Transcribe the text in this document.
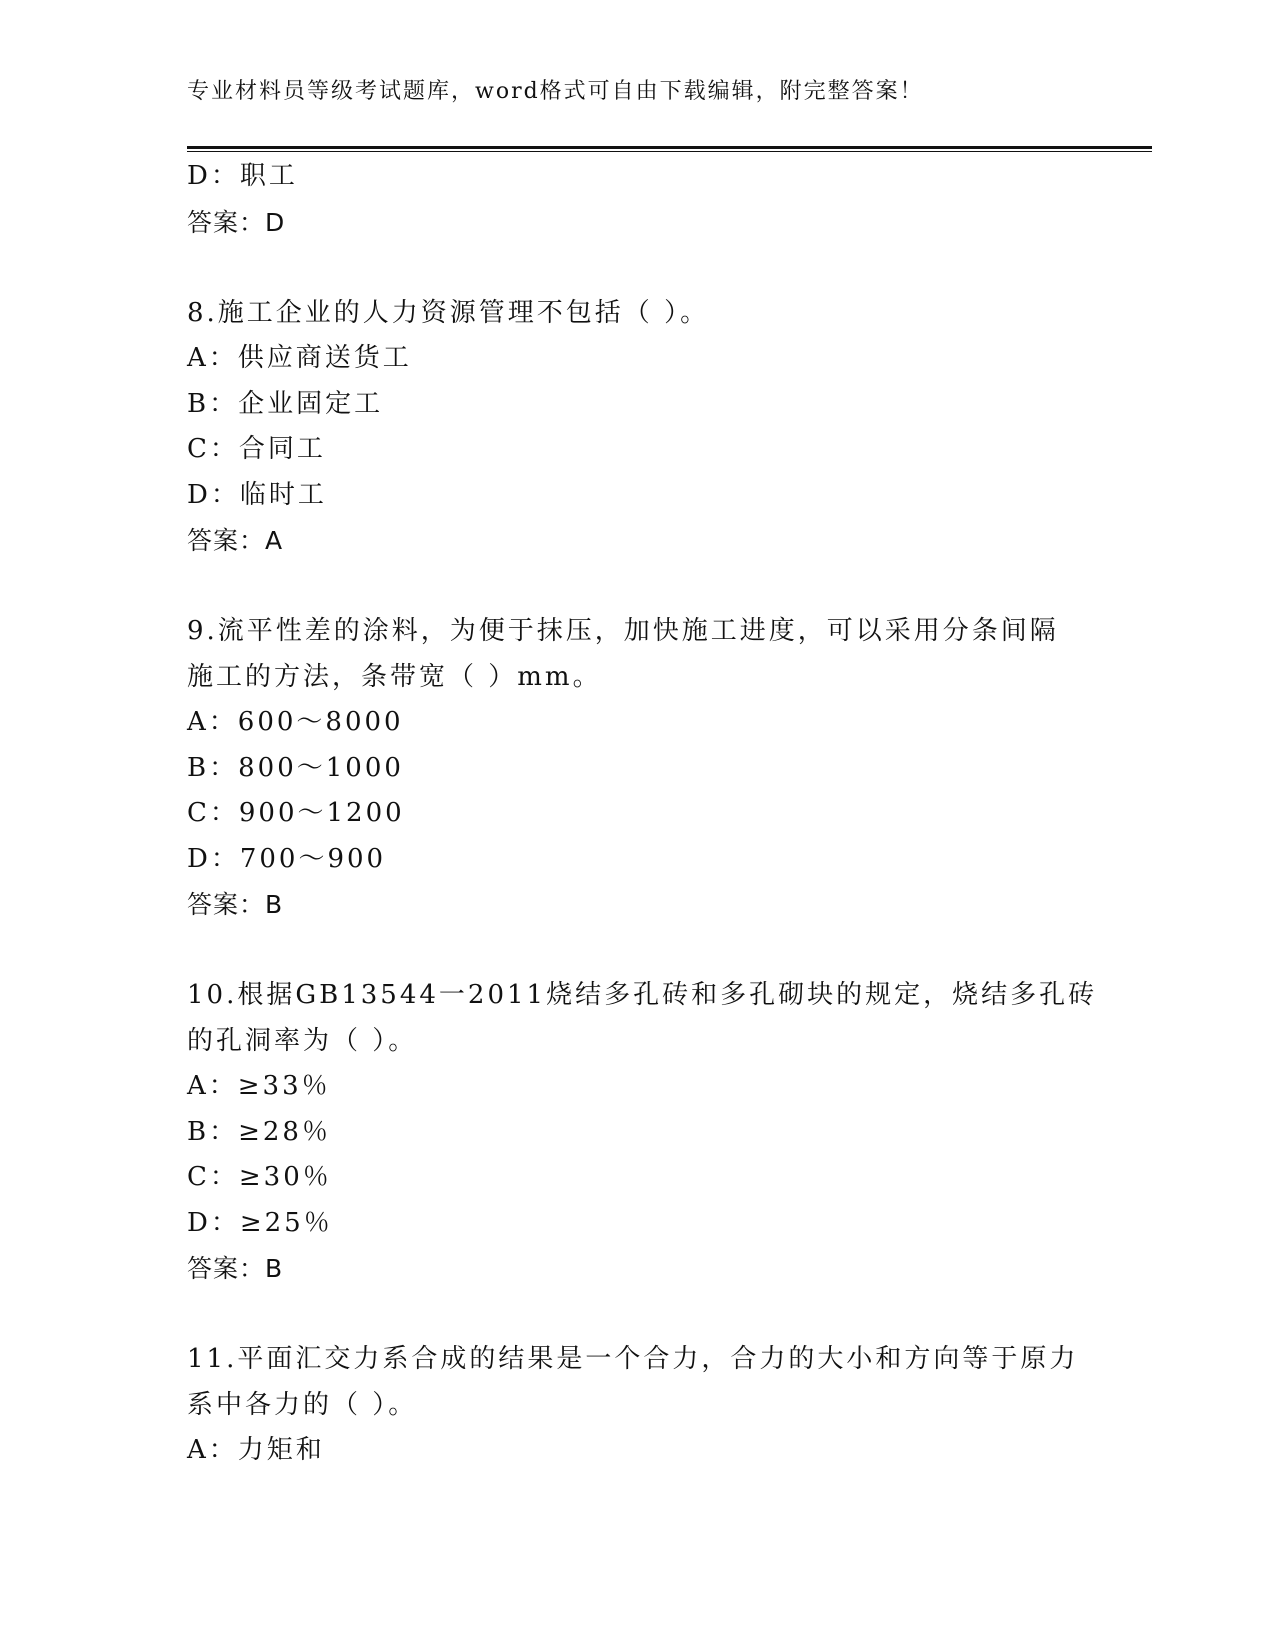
专业材料员等级考试题库，word格式可自由下载编辑，附完整答案！
D：职工
答案：D
8.施工企业的人力资源管理不包括（ ）。
A：供应商送货工
B：企业固定工
C：合同工
D：临时工
答案：A
9.流平性差的涂料，为便于抹压，加快施工进度，可以采用分条间隔
施工的方法，条带宽（ ）mm。
A：600～8000
B：800～1000
C：900～1200
D：700～900
答案：B
10.根据GB13544一2011烧结多孔砖和多孔砌块的规定，烧结多孔砖
的孔洞率为（ ）。
A：≥33％
B：≥28％
C：≥30％
D：≥25％
答案：B
11.平面汇交力系合成的结果是一个合力，合力的大小和方向等于原力
系中各力的（ ）。
A：力矩和
